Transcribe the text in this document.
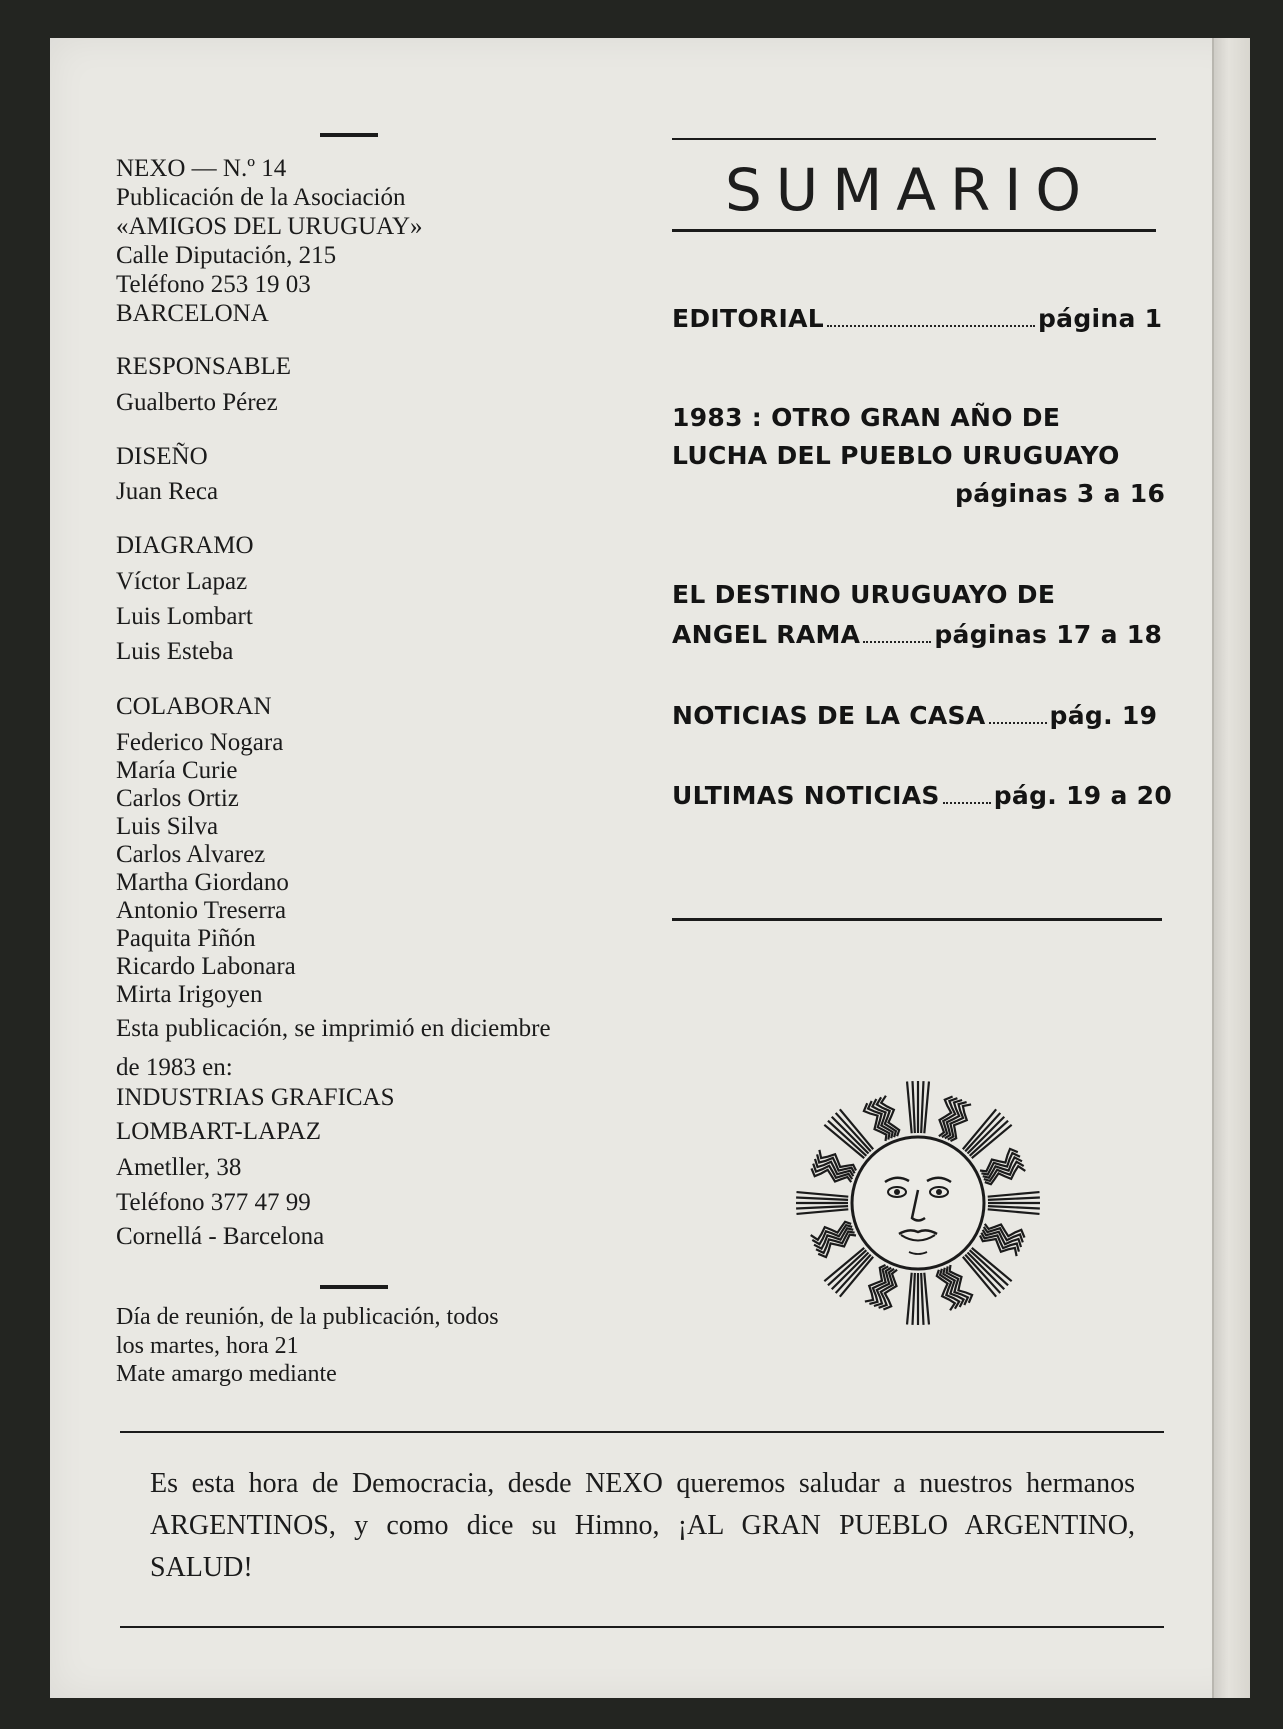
NEXO — N.º 14
Publicación de la Asociación
«AMIGOS DEL URUGUAY»
Calle Diputación, 215
Teléfono 253 19 03
BARCELONA
RESPONSABLE
Gualberto Pérez
DISEÑO
Juan Reca
DIAGRAMO
Víctor Lapaz
Luis Lombart
Luis Esteba
COLABORAN
Federico Nogara
María Curie
Carlos Ortiz
Luis Silva
Carlos Alvarez
Martha Giordano
Antonio Treserra
Paquita Piñón
Ricardo Labonara
Mirta Irigoyen
Esta publicación, se imprimió en diciembre
de 1983 en:
INDUSTRIAS GRAFICAS
LOMBART-LAPAZ
Ametller, 38
Teléfono 377 47 99
Cornellá - Barcelona
Día de reunión, de la publicación, todos
los martes, hora 21
Mate amargo mediante
SUMARIO
EDITORIAL	página 1
1983 : OTRO GRAN AÑO DE
LUCHA DEL PUEBLO URUGUAYO
páginas 3 a 16
EL DESTINO URUGUAYO DE
ANGEL RAMA	páginas 17 a 18
NOTICIAS DE LA CASA	pág. 19
ULTIMAS NOTICIAS pág. 19 a 20
Es esta hora de Democracia, desde NEXO queremos saludar a nuestros hermanos ARGENTINOS, y como dice su Himno, ¡AL GRAN PUEBLO ARGENTINO, SALUD!
